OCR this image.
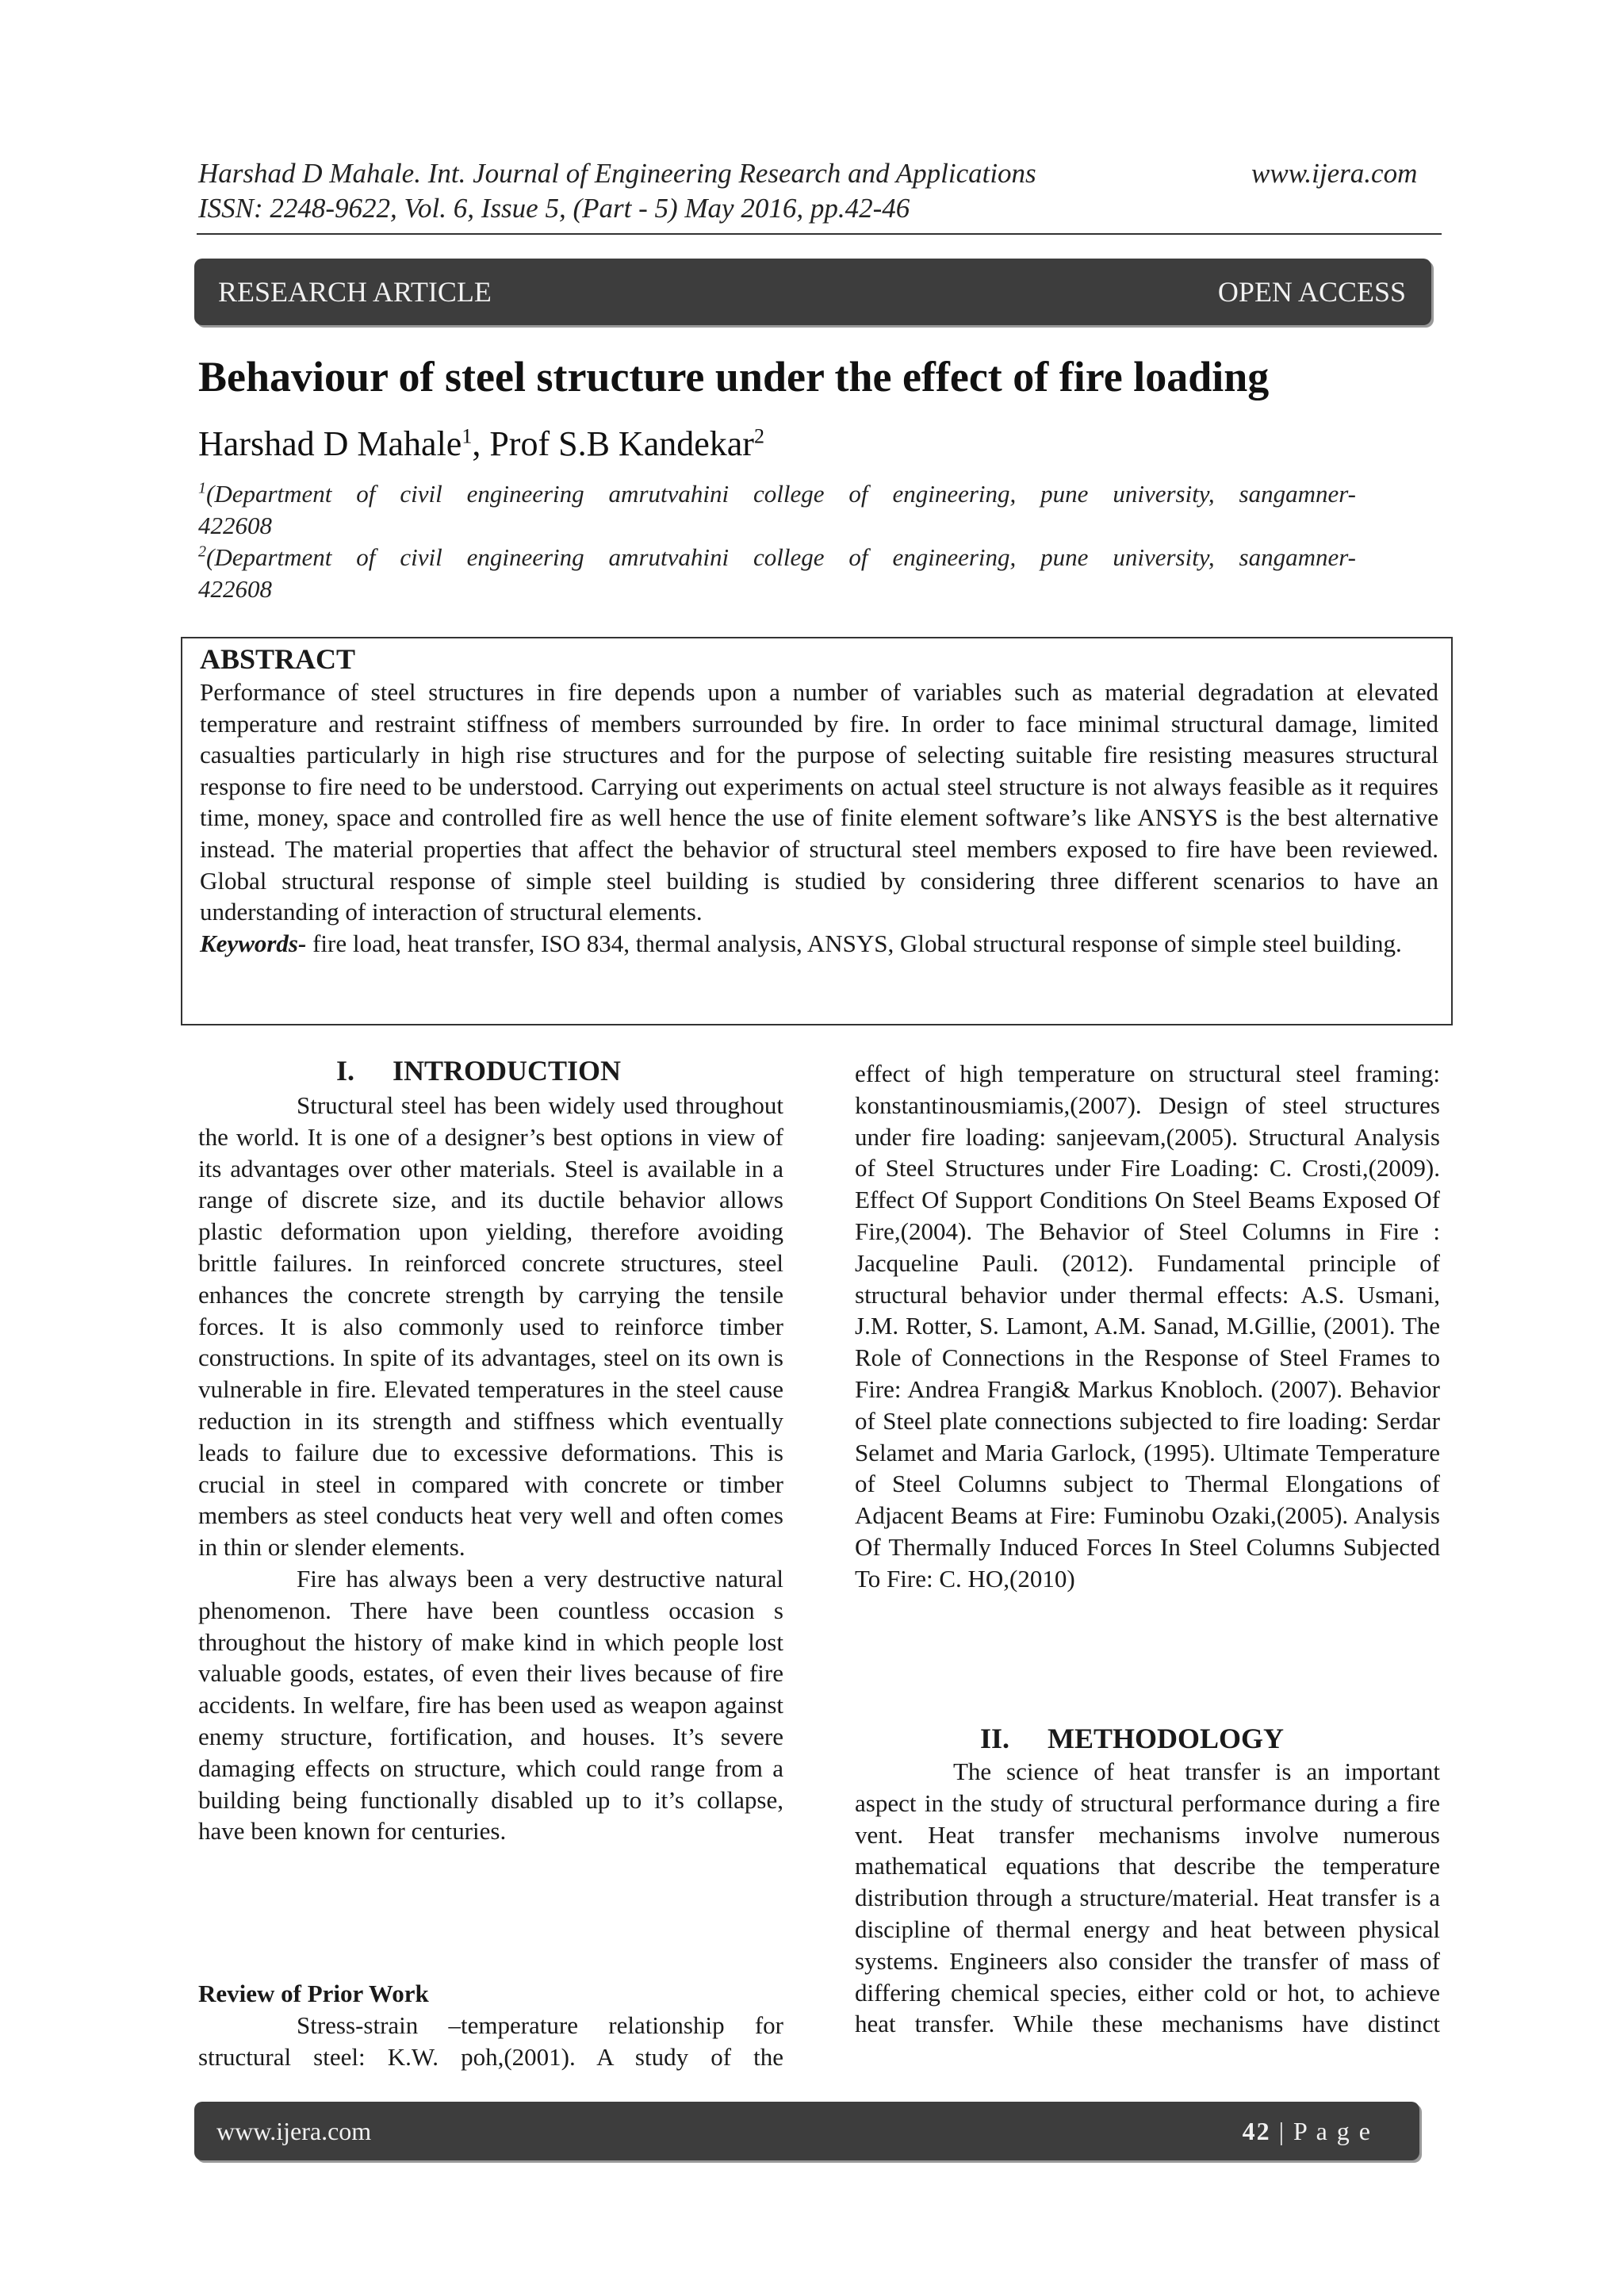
Harshad D Mahale. Int. Journal of Engineering Research and Applications	www.ijera.com
ISSN: 2248-9622, Vol. 6, Issue 5, (Part - 5) May 2016, pp.42-46
RESEARCH ARTICLE	OPEN ACCESS
Behaviour of steel structure under the effect of fire loading
Harshad D Mahale$^1$, Prof S.B Kandekar$^2$
$^1$(Department of civil engineering amrutvahini college of engineering, pune university, sangamner-
422608
$^2$(Department of civil engineering amrutvahini college of engineering, pune university, sangamner-
422608
ABSTRACT

Performance of steel structures in fire depends upon a number of variables such as material degradation at elevated temperature and restraint stiffness of members surrounded by fire. In order to face minimal structural damage, limited casualties particularly in high rise structures and for the purpose of selecting suitable fire resisting measures structural response to fire need to be understood. Carrying out experiments on actual steel structure is not always feasible as it requires time, money, space and controlled fire as well hence the use of finite element software’s like ANSYS is the best alternative instead. The material properties that affect the behavior of structural steel members exposed to fire have been reviewed. Global structural response of simple steel building is studied by considering three different scenarios to have an understanding of interaction of structural elements.

Keywords- fire load, heat transfer, ISO 834, thermal analysis, ANSYS, Global structural response of simple steel building.

I. INTRODUCTION

Structural steel has been widely used throughout the world. It is one of a designer’s best options in view of its advantages over other materials. Steel is available in a range of discrete size, and its ductile behavior allows plastic deformation upon yielding, therefore avoiding brittle failures. In reinforced concrete structures, steel enhances the concrete strength by carrying the tensile forces. It is also commonly used to reinforce timber constructions. In spite of its advantages, steel on its own is vulnerable in fire. Elevated temperatures in the steel cause reduction in its strength and stiffness which eventually leads to failure due to excessive deformations. This is crucial in steel in compared with concrete or timber members as steel conducts heat very well and often comes in thin or slender elements.

Fire has always been a very destructive natural phenomenon. There have been countless occasion s throughout the history of make kind in which people lost valuable goods, estates, of even their lives because of fire accidents. In welfare, fire has been used as weapon against enemy structure, fortification, and houses. It’s severe damaging effects on structure, which could range from a building being functionally disabled up to it’s collapse, have been known for centuries.

Review of Prior Work

Stress-strain –temperature relationship for structural steel: K.W. poh,(2001). A study of the

effect of high temperature on structural steel framing: konstantinousmiamis,(2007). Design of steel structures under fire loading: sanjeevam,(2005). Structural Analysis of Steel Structures under Fire Loading: C. Crosti,(2009). Effect Of Support Conditions On Steel Beams Exposed Of Fire,(2004). The Behavior of Steel Columns in Fire : Jacqueline Pauli. (2012). Fundamental principle of structural behavior under thermal effects: A.S. Usmani, J.M. Rotter, S. Lamont, A.M. Sanad, M.Gillie, (2001). The Role of Connections in the Response of Steel Frames to Fire: Andrea Frangi& Markus Knobloch. (2007). Behavior of Steel plate connections subjected to fire loading: Serdar Selamet and Maria Garlock, (1995). Ultimate Temperature of Steel Columns subject to Thermal Elongations of Adjacent Beams at Fire: Fuminobu Ozaki,(2005). Analysis Of Thermally Induced Forces In Steel Columns Subjected To Fire: C. HO,(2010)

II. METHODOLOGY

The science of heat transfer is an important aspect in the study of structural performance during a fire vent. Heat transfer mechanisms involve numerous mathematical equations that describe the temperature distribution through a structure/material. Heat transfer is a discipline of thermal energy and heat between physical systems. Engineers also consider the transfer of mass of differing chemical species, either cold or hot, to achieve heat transfer. While these mechanisms have distinct

www.ijera.com	42 | P a g e
